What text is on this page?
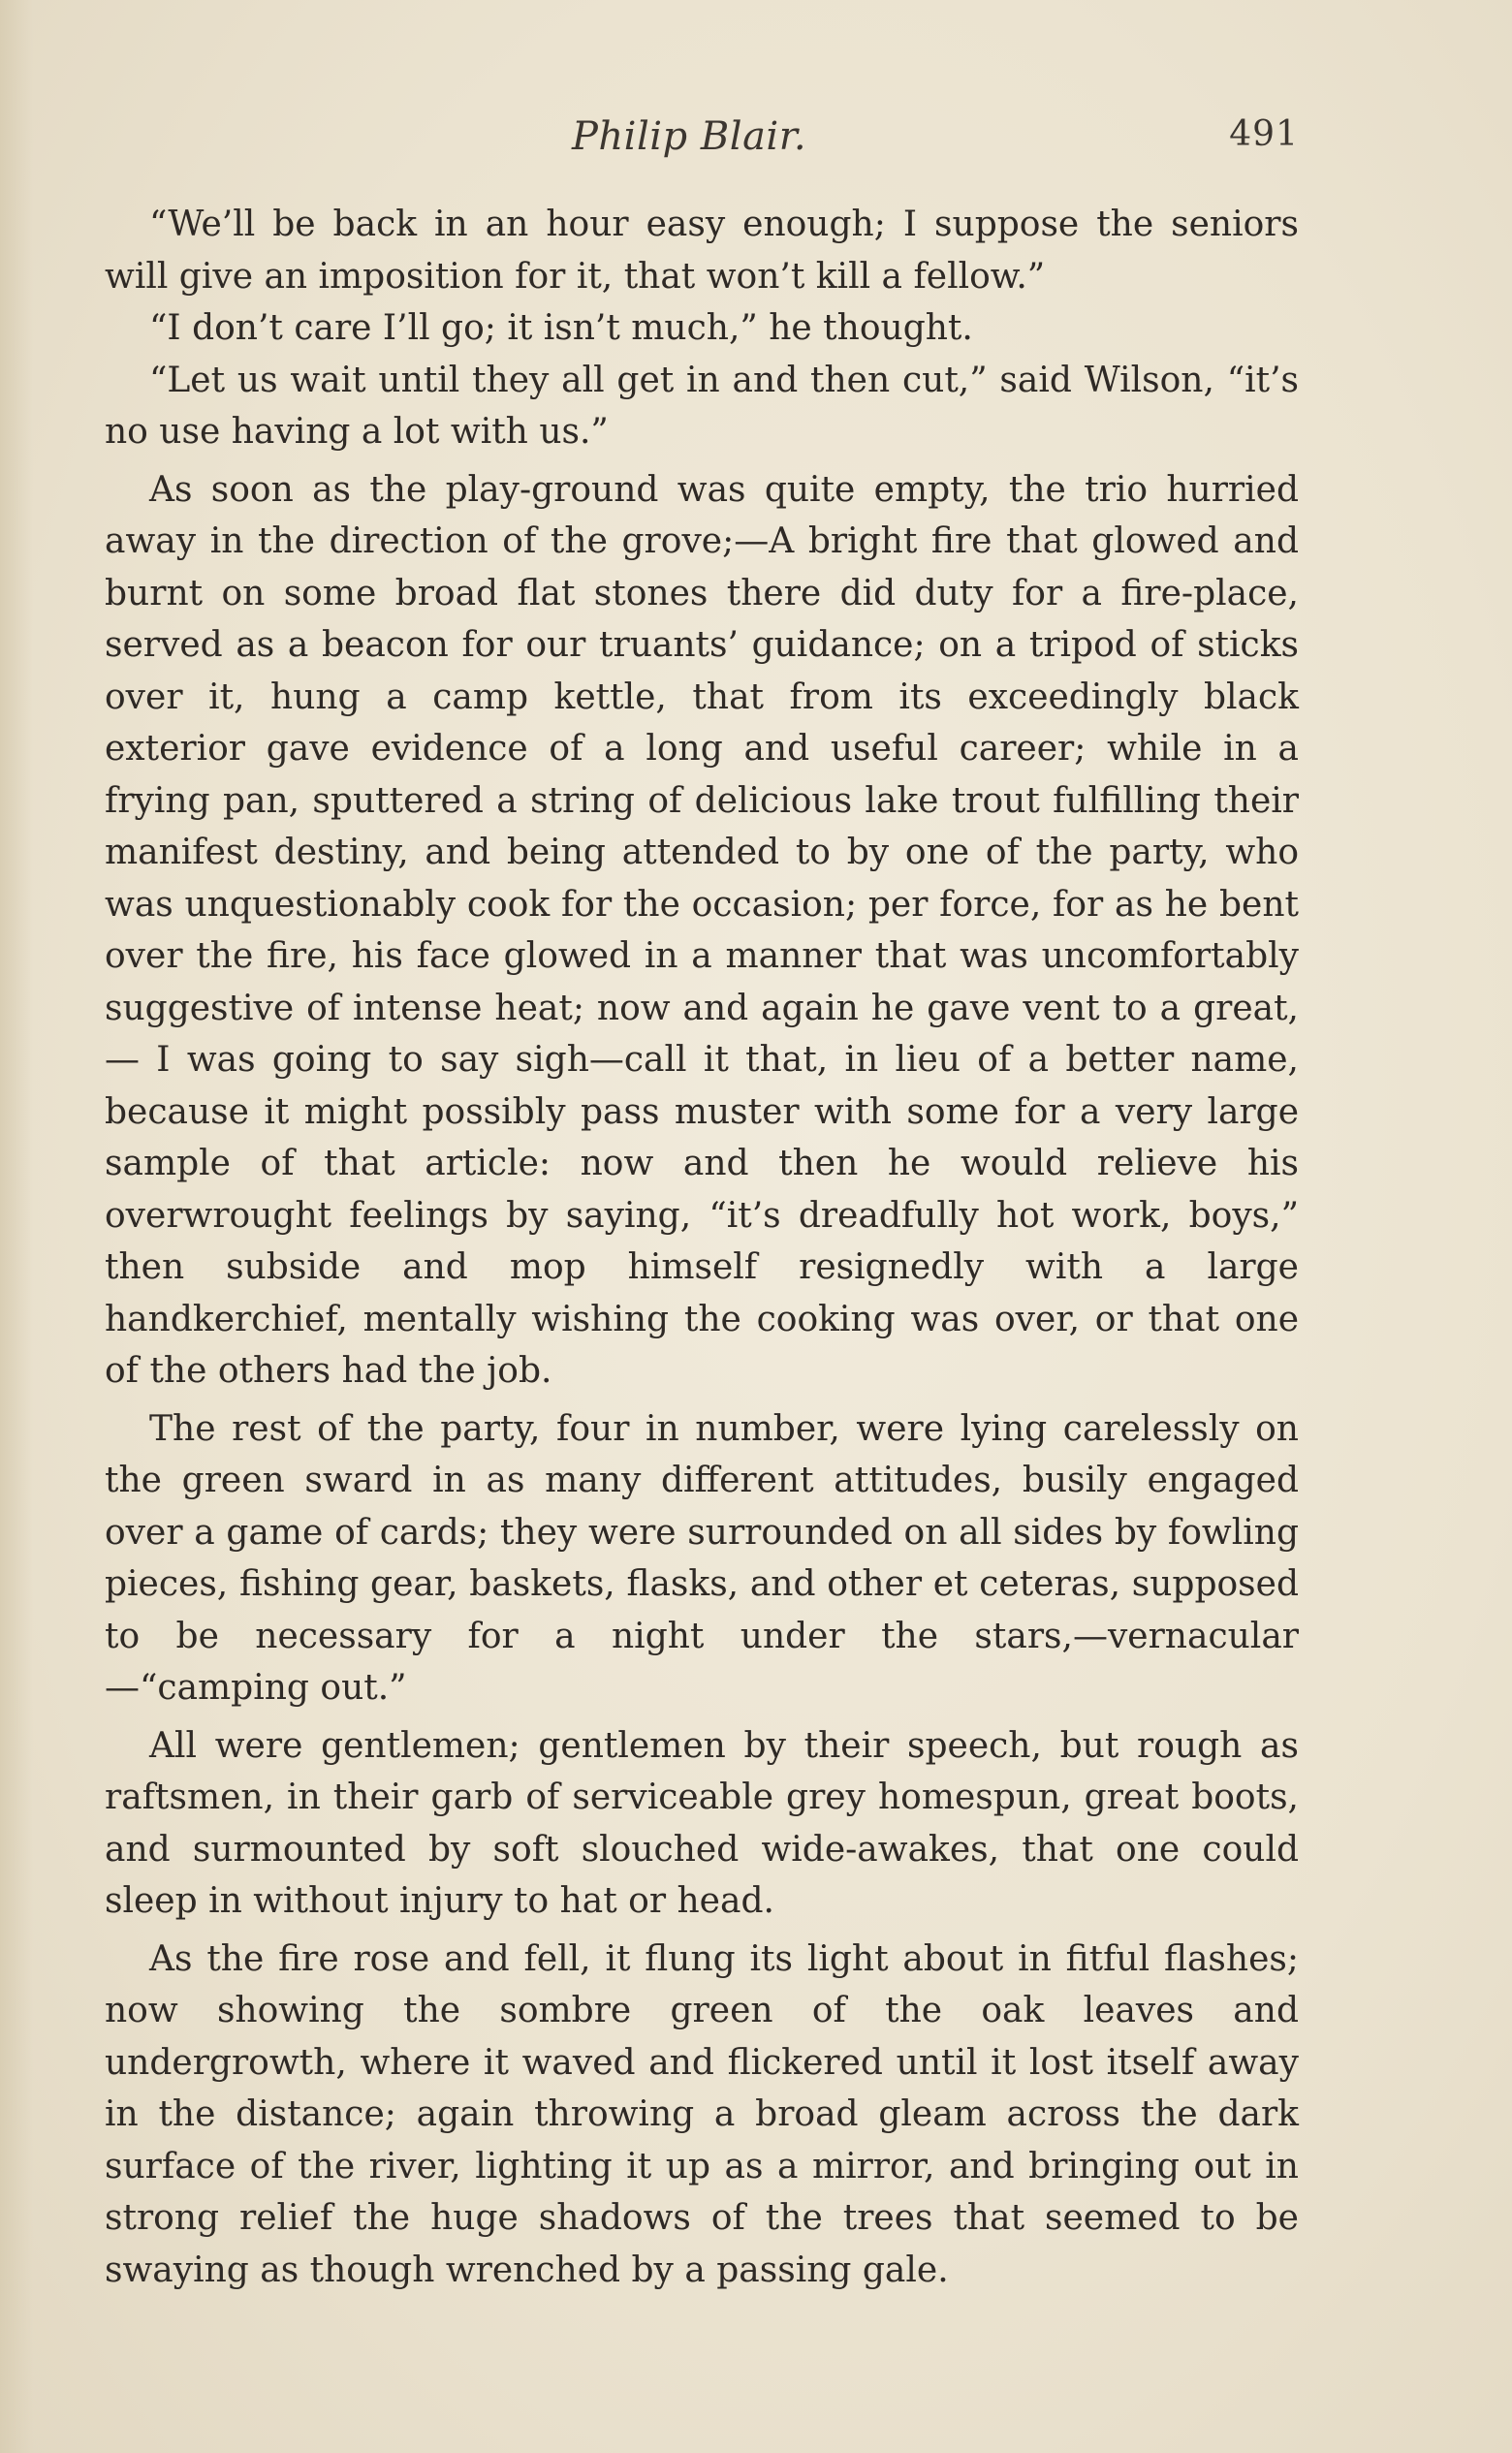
Philip Blair.	491

“We’ll be back in an hour easy enough; I suppose the seniors will give an imposition for it, that won’t kill a fellow.”

“I don’t care I’ll go; it isn’t much,” he thought.

“Let us wait until they all get in and then cut,” said Wilson, “it’s no use having a lot with us.”

As soon as the play-ground was quite empty, the trio hurried away in the direction of the grove;—A bright fire that glowed and burnt on some broad flat stones there did duty for a fire-place, served as a beacon for our truants’ guidance; on a tripod of sticks over it, hung a camp kettle, that from its exceedingly black exterior gave evidence of a long and useful career; while in a frying pan, sputtered a string of delicious lake trout fulfilling their manifest destiny, and being attended to by one of the party, who was unquestionably cook for the occasion; per force, for as he bent over the fire, his face glowed in a manner that was uncomfortably suggestive of intense heat; now and again he gave vent to a great,— I was going to say sigh—call it that, in lieu of a better name, because it might possibly pass muster with some for a very large sample of that article: now and then he would relieve his overwrought feelings by saying, “it’s dreadfully hot work, boys,” then subside and mop himself resignedly with a large handkerchief, mentally wishing the cooking was over, or that one of the others had the job.

The rest of the party, four in number, were lying carelessly on the green sward in as many different attitudes, busily engaged over a game of cards; they were surrounded on all sides by fowling pieces, fishing gear, baskets, flasks, and other et ceteras, supposed to be necessary for a night under the stars,—vernacular—“camping out.”

All were gentlemen; gentlemen by their speech, but rough as raftsmen, in their garb of serviceable grey homespun, great boots, and surmounted by soft slouched wide-awakes, that one could sleep in without injury to hat or head.

As the fire rose and fell, it flung its light about in fitful flashes; now showing the sombre green of the oak leaves and undergrowth, where it waved and flickered until it lost itself away in the distance; again throwing a broad gleam across the dark surface of the river, lighting it up as a mirror, and bringing out in strong relief the huge shadows of the trees that seemed to be swaying as though wrenched by a passing gale.
